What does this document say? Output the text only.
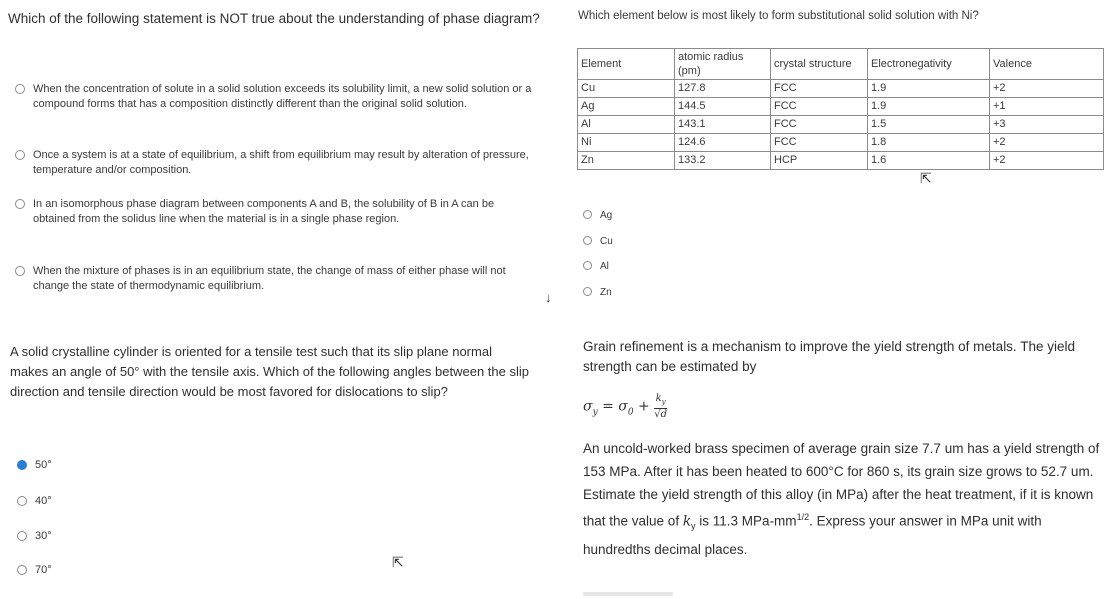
Which of the following statement is NOT true about the understanding of phase diagram?
When the concentration of solute in a solid solution exceeds its solubility limit, a new solid solution or a compound forms that has a composition distinctly different than the original solid solution.
Once a system is at a state of equilibrium, a shift from equilibrium may result by alteration of pressure, temperature and/or composition.
In an isomorphous phase diagram between components A and B, the solubility of B in A can be obtained from the solidus line when the material is in a single phase region.
When the mixture of phases is in an equilibrium state, the change of mass of either phase will not change the state of thermodynamic equilibrium.
Which element below is most likely to form substitutional solid solution with Ni?
Element	atomic radius (pm)	crystal structure	Electronegativity	Valence
Cu	127.8	FCC	1.9	+2
Ag	144.5	FCC	1.9	+1
Al	143.1	FCC	1.5	+3
Ni	124.6	FCC	1.8	+2
Zn	133.2	HCP	1.6	+2
Ag
Cu
Al
Zn
A solid crystalline cylinder is oriented for a tensile test such that its slip plane normal makes an angle of 50° with the tensile axis. Which of the following angles between the slip direction and tensile direction would be most favored for dislocations to slip?
50°
40°
30°
70°
Grain refinement is a mechanism to improve the yield strength of metals. The yield strength can be estimated by
$\sigma_y = \sigma_0 + \frac{k_y}{√d}$
An uncold-worked brass specimen of average grain size 7.7 um has a yield strength of 153 MPa. After it has been heated to 600°C for 860 s, its grain size grows to 52.7 um. Estimate the yield strength of this alloy (in MPa) after the heat treatment, if it is known that the value of $k_y$ is 11.3 MPa-$mm^{1/2}$. Express your answer in MPa unit with hundredths decimal places.
⇱
⇱
↓
